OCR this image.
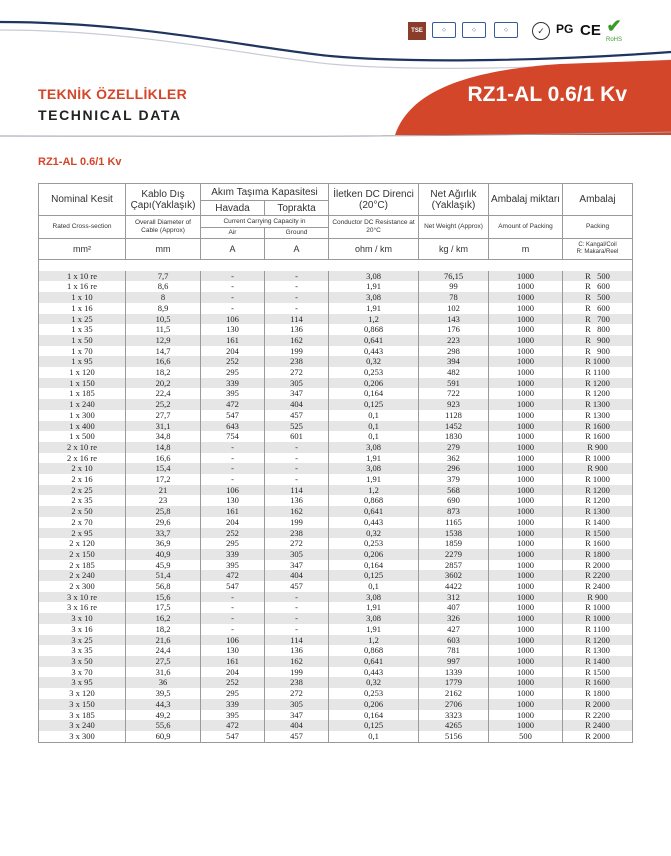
TSE	◇	◇	◇	✓ PG CE ✔
RoHS
TEKNİK ÖZELLİKLER
TECHNICAL DATA
RZ1-AL 0.6/1 Kv
RZ1-AL 0.6/1 Kv
Nominal Kesit	Kablo Dış Çapı(Yaklaşık)	Akım Taşıma Kapasitesi		İletken DC Direnci (20°C)	Net Ağırlık (Yaklaşık)	Ambalaj miktarı	Ambalaj
		Havada	Toprakta				
Rated Cross-section	Overall Diameter of Cable (Approx)	Current Carrying Capacity in		Conductor DC Resistance at 20°C	Net Weight (Approx)	Amount of Packing	Packing
		Air	Ground				
mm²	mm	A	A	ohm / km	kg / km	m	C: Kangal/Coil
R: Makara/Reel

1 x 10 re	7,7	-	-	3,08	76,15	1000	R   500
1 x 16 re	8,6	-	-	1,91	99	1000	R   600
1 x 10	8	-	-	3,08	78	1000	R   500
1 x 16	8,9	-	-	1,91	102	1000	R   600
1 x 25	10,5	106	114	1,2	143	1000	R   700
1 x 35	11,5	130	136	0,868	176	1000	R   800
1 x 50	12,9	161	162	0,641	223	1000	R   900
1 x 70	14,7	204	199	0,443	298	1000	R   900
1 x 95	16,6	252	238	0,32	394	1000	R 1000
1 x 120	18,2	295	272	0,253	482	1000	R 1100
1 x 150	20,2	339	305	0,206	591	1000	R 1200
1 x 185	22,4	395	347	0,164	722	1000	R 1200
1 x 240	25,2	472	404	0,125	923	1000	R 1300
1 x 300	27,7	547	457	0,1	1128	1000	R 1300
1 x 400	31,1	643	525	0,1	1452	1000	R 1600
1 x 500	34,8	754	601	0,1	1830	1000	R 1600
2 x 10 re	14,8	-	-	3,08	279	1000	R 900
2 x 16 re	16,6	-	-	1,91	362	1000	R 1000
2 x 10	15,4	-	-	3,08	296	1000	R 900
2 x 16	17,2	-	-	1,91	379	1000	R 1000
2 x 25	21	106	114	1,2	568	1000	R 1200
2 x 35	23	130	136	0,868	690	1000	R 1200
2 x 50	25,8	161	162	0,641	873	1000	R 1300
2 x 70	29,6	204	199	0,443	1165	1000	R 1400
2 x 95	33,7	252	238	0,32	1538	1000	R 1500
2 x 120	36,9	295	272	0,253	1859	1000	R 1600
2 x 150	40,9	339	305	0,206	2279	1000	R 1800
2 x 185	45,9	395	347	0,164	2857	1000	R 2000
2 x 240	51,4	472	404	0,125	3602	1000	R 2200
2 x 300	56,8	547	457	0,1	4422	1000	R 2400
3 x 10 re	15,6	-	-	3,08	312	1000	R 900
3 x 16 re	17,5	-	-	1,91	407	1000	R 1000
3 x 10	16,2	-	-	3,08	326	1000	R 1000
3 x 16	18,2	-	-	1,91	427	1000	R 1100
3 x 25	21,6	106	114	1,2	603	1000	R 1200
3 x 35	24,4	130	136	0,868	781	1000	R 1300
3 x 50	27,5	161	162	0,641	997	1000	R 1400
3 x 70	31,6	204	199	0,443	1339	1000	R 1500
3 x 95	36	252	238	0,32	1779	1000	R 1600
3 x 120	39,5	295	272	0,253	2162	1000	R 1800
3 x 150	44,3	339	305	0,206	2706	1000	R 2000
3 x 185	49,2	395	347	0,164	3323	1000	R 2200
3 x 240	55,6	472	404	0,125	4265	1000	R 2400
3 x 300	60,9	547	457	0,1	5156	500	R 2000
